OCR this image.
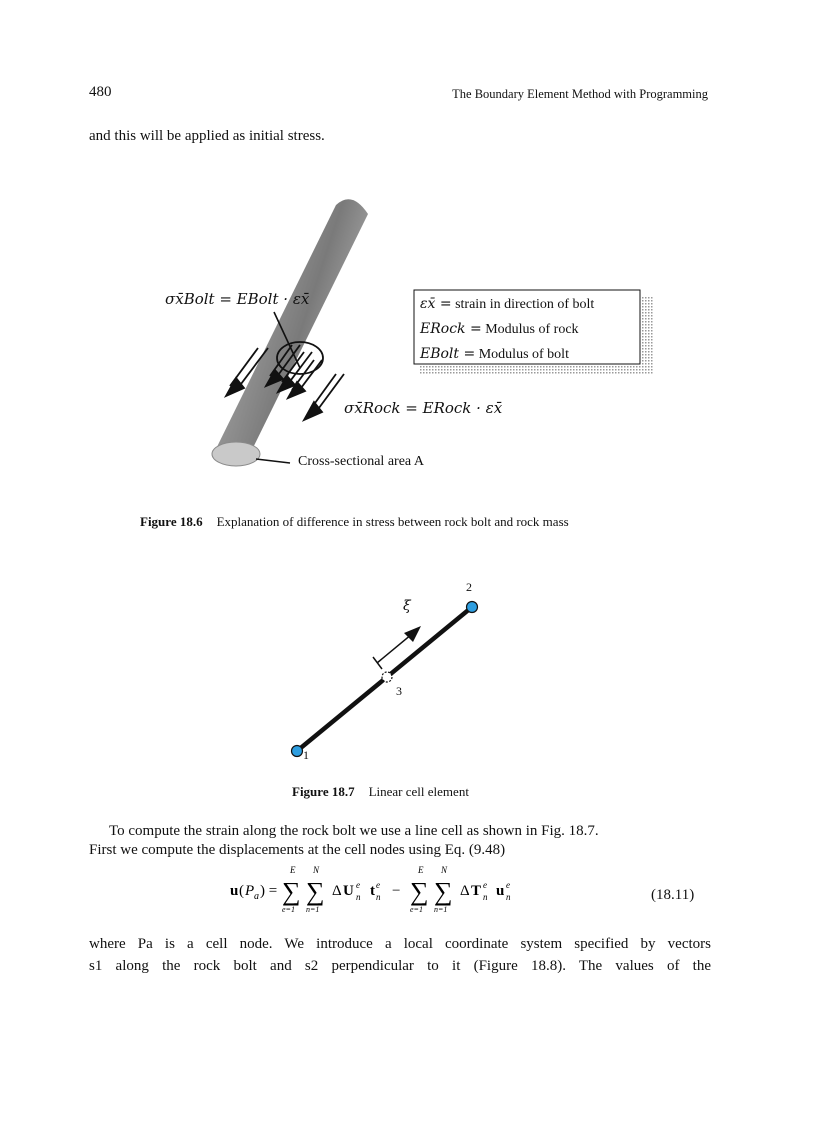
480	The Boundary Element Method with Programming
and this will be applied as initial stress.
σx̄Bolt = EBolt · εx̄
σx̄Rock = ERock · εx̄
εx̄ = strain in direction of bolt
ERock = Modulus of rock
EBolt = Modulus of bolt
Cross-sectional area A
Figure 18.6 Explanation of difference in stress between rock bolt and rock mass
2
3
1
ξ
Figure 18.7 Linear cell element
To compute the strain along the rock bolt we use a line cell as shown in Fig. 18.7.
First we compute the displacements at the cell nodes using Eq. (9.48)
u ( P a ) =
E
∑
e=1
N
∑
n=1
Δ U e
n t e
n −
E
∑
e=1
N
∑
n=1
Δ T e
n u e
n	(18.11)
where Pa is a cell node. We introduce a local coordinate system specified by vectors
s1 along the rock bolt and s2 perpendicular to it (Figure 18.8). The values of the
